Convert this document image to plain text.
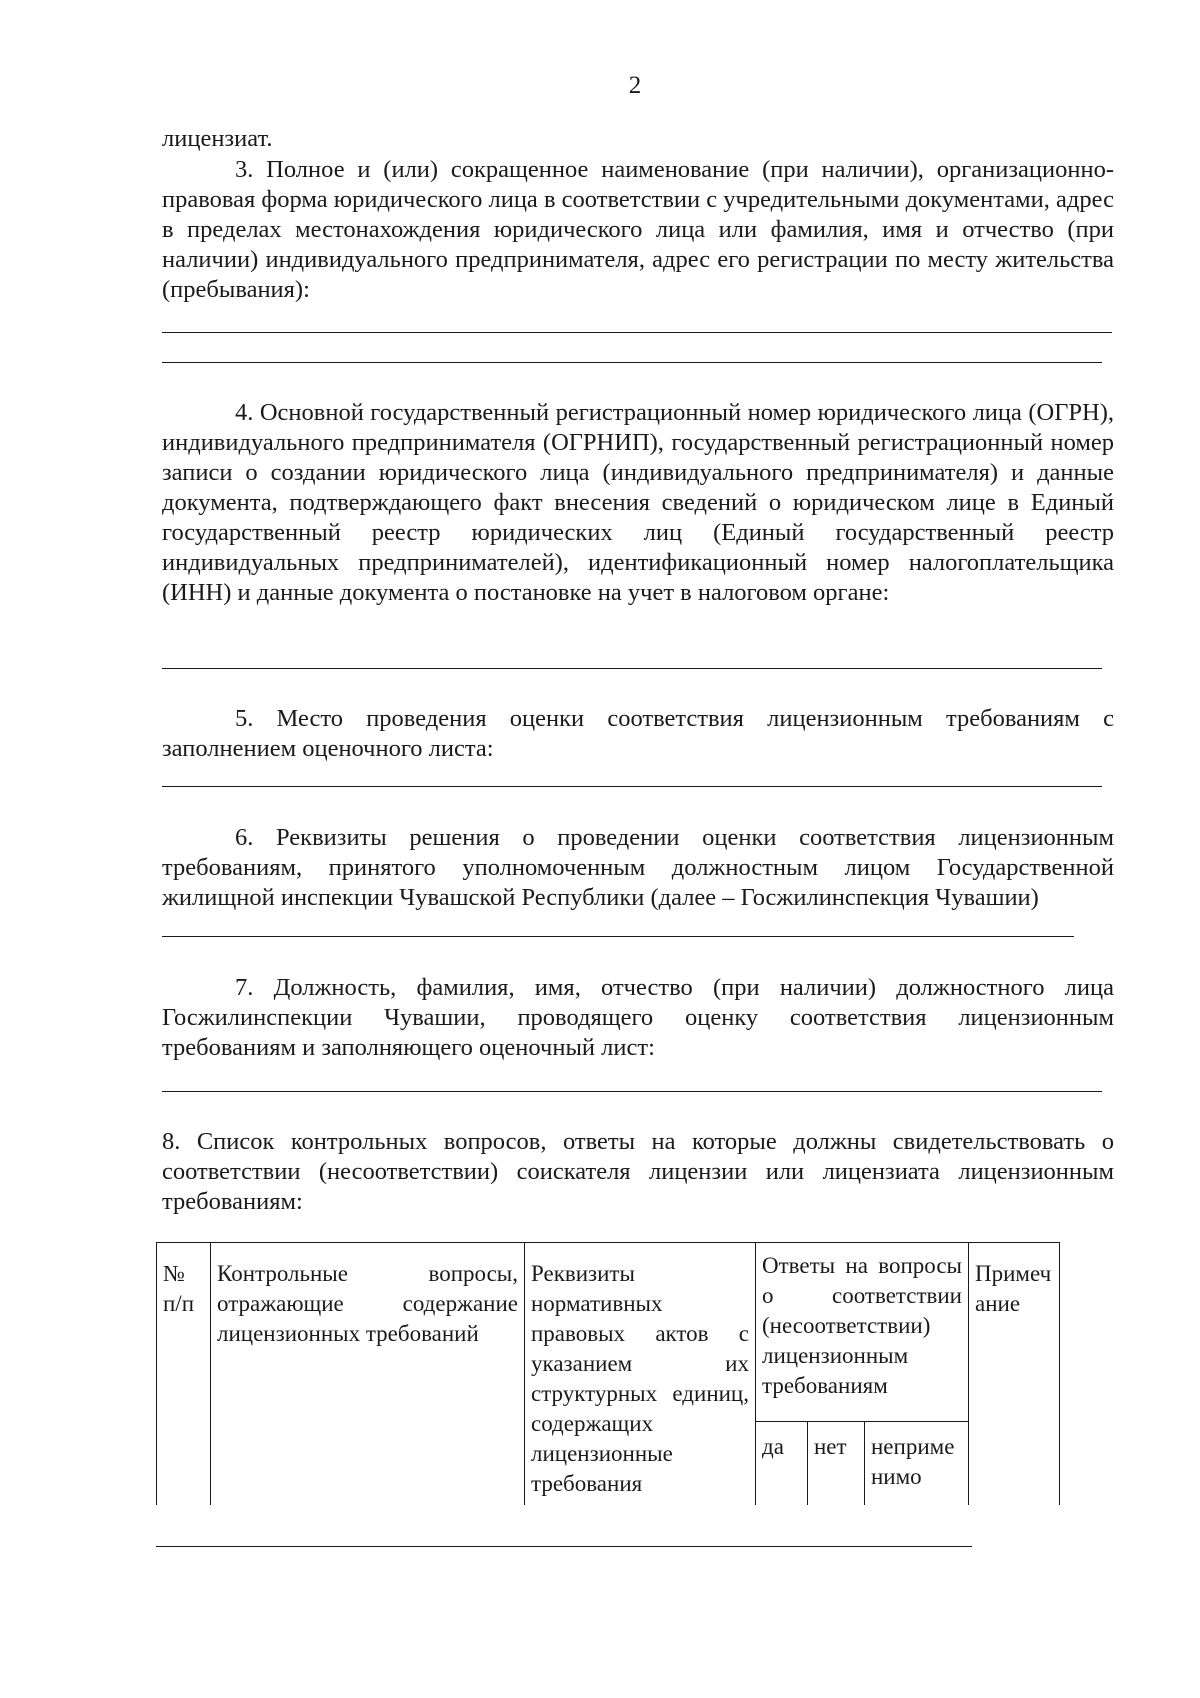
2

лицензиат.

3. Полное и (или) сокращенное наименование (при наличии), организационно-правовая форма юридического лица в соответствии с учредительными документами, адрес в пределах местонахождения юридического лица или фамилия, имя и отчество (при наличии) индивидуального предпринимателя, адрес его регистрации по месту жительства (пребывания):

4. Основной государственный регистрационный номер юридического лица (ОГРН), индивидуального предпринимателя (ОГРНИП), государственный регистрационный номер записи о создании юридического лица (индивидуального предпринимателя) и данные документа, подтверждающего факт внесения сведений о юридическом лице в Единый государственный реестр юридических лиц (Единый государственный реестр индивидуальных предпринимателей), идентификационный номер налогоплательщика (ИНН) и данные документа о постановке на учет в налоговом органе:

5. Место проведения оценки соответствия лицензионным требованиям с заполнением оценочного листа:

6. Реквизиты решения о проведении оценки соответствия лицензионным требованиям, принятого уполномоченным должностным лицом Государственной жилищной инспекции Чувашской Республики (далее – Госжилинспекция Чувашии)

7. Должность, фамилия, имя, отчество (при наличии) должностного лица Госжилинспекции Чувашии, проводящего оценку соответствия лицензионным требованиям и заполняющего оценочный лист:

8. Список контрольных вопросов, ответы на которые должны свидетельствовать о соответствии (несоответствии) соискателя лицензии или лицензиата лицензионным требованиям:

№ п/п	Контрольные вопросы, отражающие содержание лицензионных требований	Реквизиты нормативных правовых актов с указанием их структурных единиц, содержащих лицензионные требования	Ответы на вопросы о соответствии (несоответствии) лицензионным требованиям			Примечание
			да	нет	неприменимо	
